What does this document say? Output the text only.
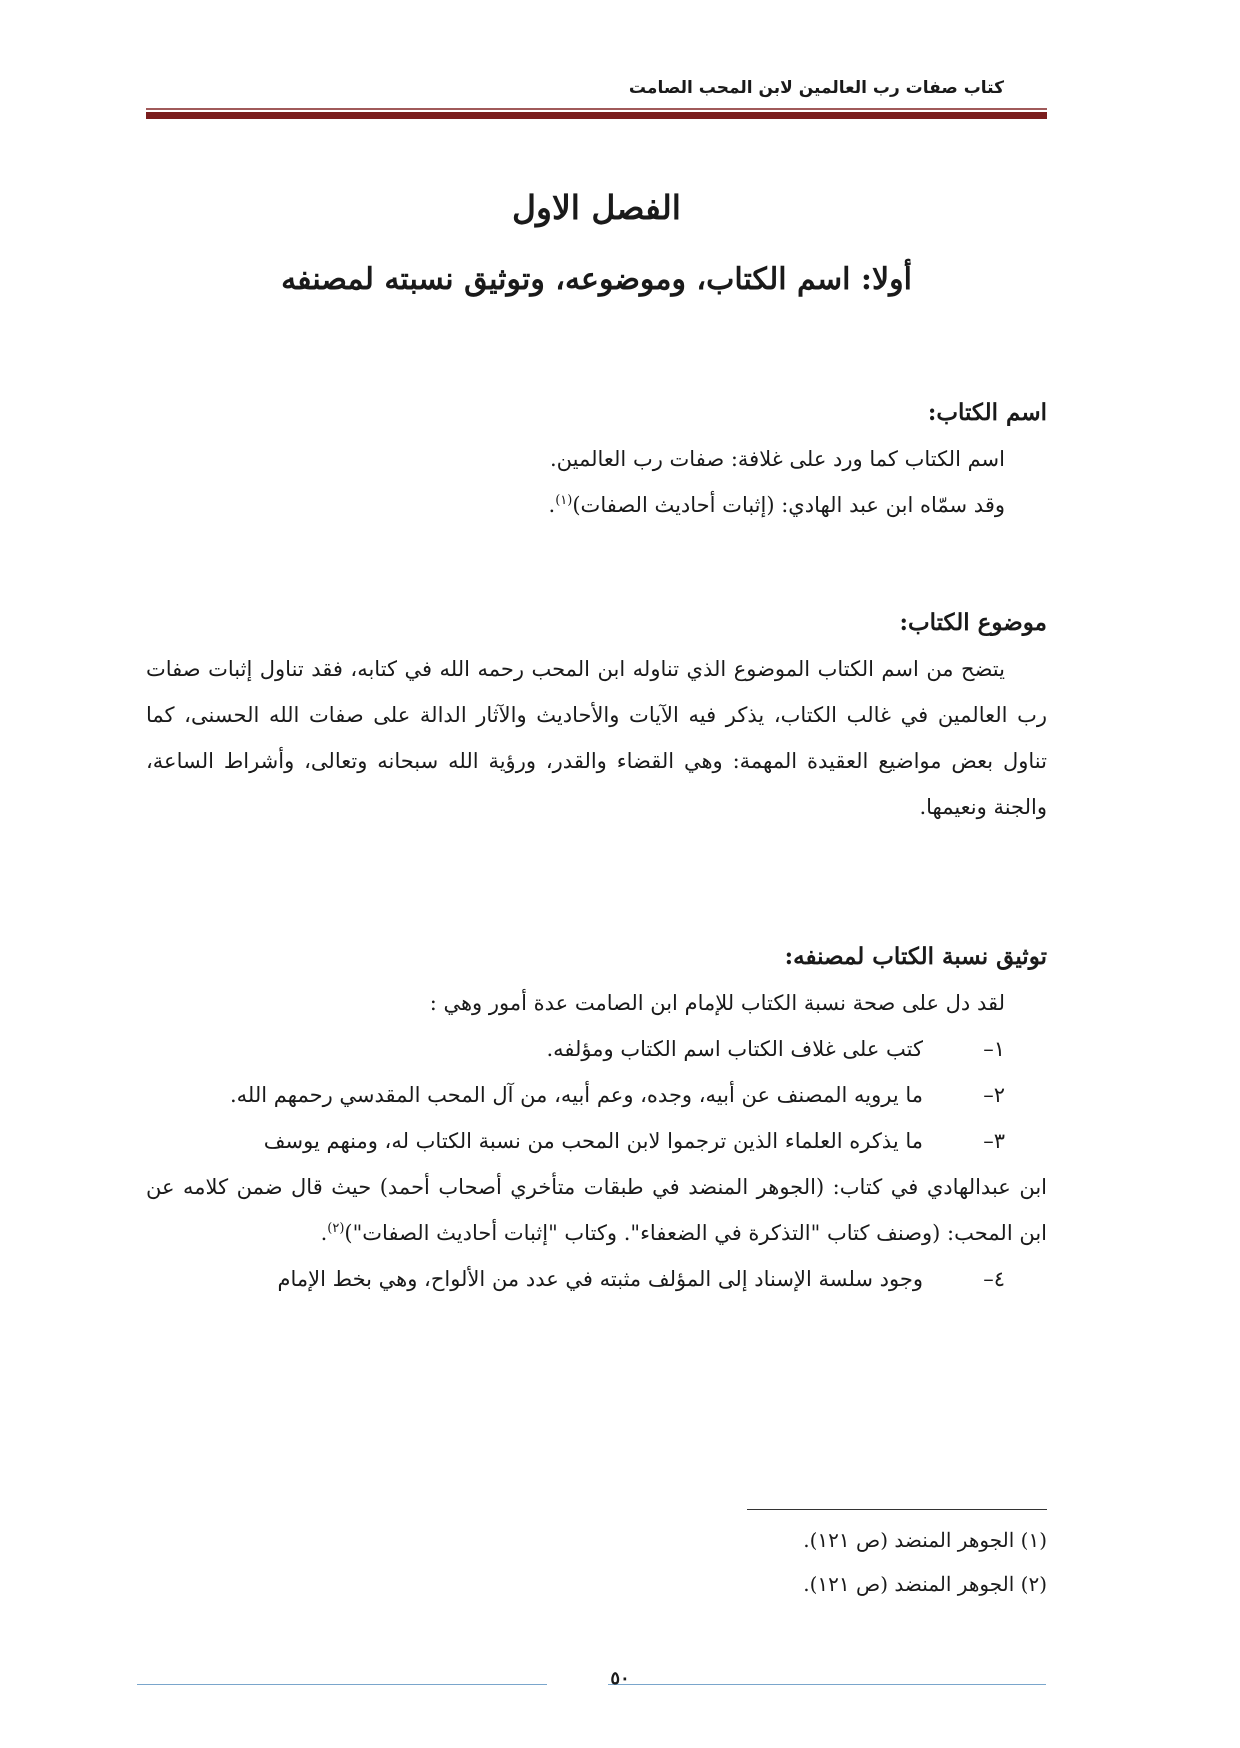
كتاب صفات رب العالمين لابن المحب الصامت
الفصل الاول
أولا: اسم الكتاب، وموضوعه، وتوثيق نسبته لمصنفه
اسم الكتاب:
اسم الكتاب كما ورد على غلافة: صفات رب العالمين.
وقد سمّاه ابن عبد الهادي: (إثبات أحاديث الصفات)$^{(١)}$.
موضوع الكتاب:
يتضح من اسم الكتاب الموضوع الذي تناوله ابن المحب رحمه الله في كتابه، فقد تناول إثبات صفات رب العالمين في غالب الكتاب، يذكر فيه الآيات والأحاديث والآثار الدالة على صفات الله الحسنى، كما تناول بعض مواضيع العقيدة المهمة: وهي القضاء والقدر، ورؤية الله سبحانه وتعالى، وأشراط الساعة، والجنة ونعيمها.
توثيق نسبة الكتاب لمصنفه:
لقد دل على صحة نسبة الكتاب للإمام ابن الصامت عدة أمور وهي :
١–
كتب على غلاف الكتاب اسم الكتاب ومؤلفه.
٢–
ما يرويه المصنف عن أبيه، وجده، وعم أبيه، من آل المحب المقدسي رحمهم الله.
٣–
ما يذكره العلماء الذين ترجموا لابن المحب من نسبة الكتاب له، ومنهم يوسف
ابن عبدالهادي في كتاب: (الجوهر المنضد في طبقات متأخري أصحاب أحمد) حيث قال ضمن كلامه عن ابن المحب: (وصنف كتاب "التذكرة في الضعفاء". وكتاب "إثبات أحاديث الصفات")$^{(٢)}$.
٤–
وجود سلسة الإسناد إلى المؤلف مثبته في عدد من الألواح، وهي بخط الإمام
(١) الجوهر المنضد (ص ١٢١).
(٢) الجوهر المنضد (ص ١٢١).
٥٠
